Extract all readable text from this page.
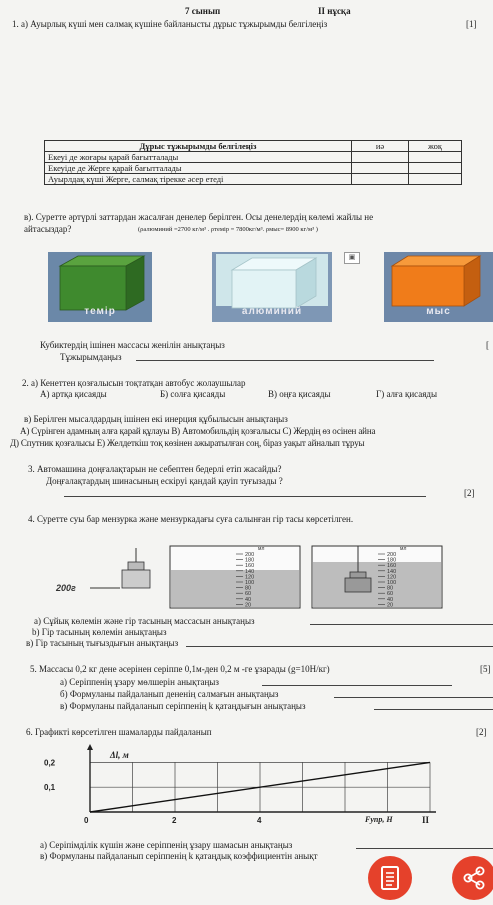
7 сынып	ІІ нұсқа
1. а) Ауырлық күші мен салмақ күшіне байланысты дұрыс тұжырымды белгілеңіз	[1]
Дұрыс тұжырымды белгілеңіз	иә	жоқ
Екеуі де жоғары қарай бағытталады		
Екеуіде де Жерге қарай бағытталады		
Ауырлдақ күші Жерге, салмақ тірекке әсер етеді		
в). Суретте әртүрлі заттардан жасалған денелер берілген. Осы денелердің көлемі жайлы не
айтасыздар?	(ρалюминий =2700 кг/м³ . ρтемір = 7800кг/м³. ρмыс= 8900 кг/м³ )
темір	алюминий
▣
мыс
Кубиктердің ішінен массасы женілін анықтаңыз	[
Тұжырымдаңыз
2. а) Кенеттен қозғалысын тоқтатқан автобус жолаушылар
А) артқа қисаяды	Б) солға қисаяды	В) оңға қисаяды	Г) алға қисаяды
в) Берілген мысалдардың ішінен екі инерция құбылысын анықтаңыз
А) Сүрінген адамның алға қарай құлауы В) Автомобильдің қозғалысы С) Жердің өз осінен айна
Д) Спутник қозғалысы Е) Желдеткіш тоқ көзінен ажыратылған соң, біраз уақыт айналып тұруы
3. Автомашина доңғалақтарын не себептен бедерлі етіп жасайды?
Доңғалақтардың шинасының ескіруі қандай қауіп туғызады ?
[2]
4. Суретте суы бар мензурка және мензуркадағы суға салынған гір тасы көрсетілген.
200г
мл
200
180
160
140
120
100
80
60
40
20
мл
200
180
160
140
120
100
80
60
40
20
а) Сұйық көлемін және гір тасының массасын анықтаңыз
b) Гір тасының көлемін анықтаңыз
в) Гір тасының тығыздығын анықтаңыз
5. Массасы 0,2 кг дене әсерінен серіппе 0,1м-ден 0,2 м -ге ұзарады (g=10Н/кг)	[5]
а) Серіппенің ұзару мөлшерін анықтаңыз
б) Формуланы пайдаланып дененің салмағын анықтаңыз
в) Формуланы пайдаланып серіппенің k қатаңдығын анықтаңыз
6. Графикті көрсетілген шамаларды пайдаланып	[2]
0	2	4	II
0,2
0,1
Δl, м
Fупр, Н
а) Серіпімділік күшін және серіппенің ұзару шамасын анықтаңыз
в) Формуланы пайдаланып серіппенің k қатаңдық коэффициентін анықт
